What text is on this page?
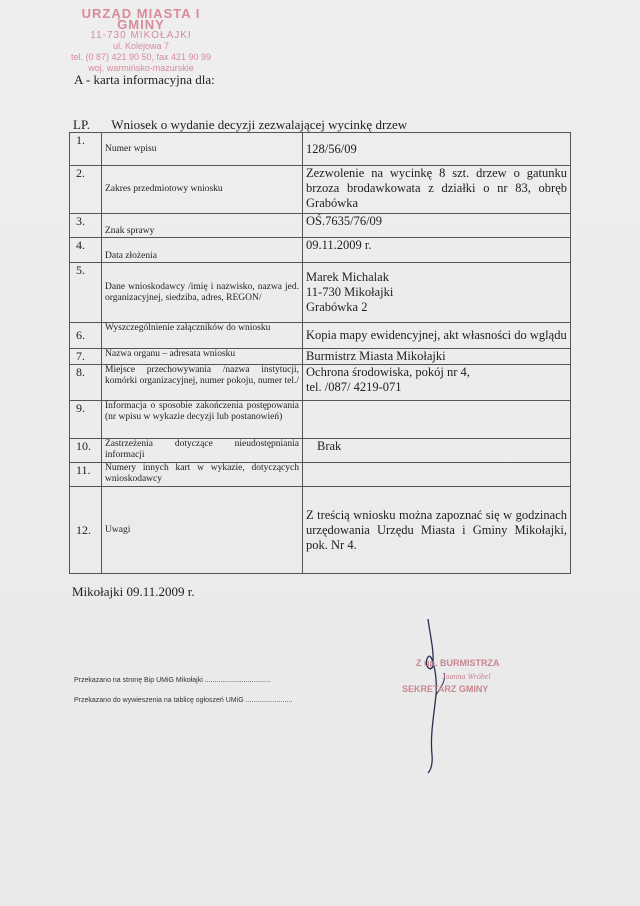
URZĄD MIASTA I GMINY
11-730 MIKOŁAJKI
ul. Kolejowa 7
tel. (0 87) 421 90 50, fax 421 90 99
woj. warmińsko-mazurskie
A - karta informacyjna dla:
LP. Wniosek o wydanie decyzji zezwalającej wycinkę drzew
1.	Numer wpisu	128/56/09
2.	Zakres przedmiotowy wniosku	Zezwolenie na wycinkę 8 szt. drzew o gatunku brzoza brodawkowata z działki o nr 83, obręb Grabówka
3.	Znak sprawy	OŚ.7635/76/09
4.	Data złożenia	09.11.2009 r.
5.	Dane wnioskodawcy /imię i nazwisko, nazwa jed. organizacyjnej, siedziba, adres, REGON/	Marek Michalak
11-730 Mikołajki
Grabówka 2

6.	Wyszczególnienie załączników do wniosku	Kopia mapy ewidencyjnej, akt własności do wglądu
7.	Nazwa organu – adresata wniosku	Burmistrz Miasta Mikołajki
8.	Miejsce przechowywania /nazwa instytucji, komórki organizacyjnej, numer pokoju, numer tel./	Ochrona środowiska, pokój nr 4,
tel. /087/ 4219-071

9.	Informacja o sposobie zakończenia postępowania (nr wpisu w wykazie decyzji lub postanowień)	
10.	Zastrzeżenia dotyczące nieudostępniania informacji	Brak
11.	Numery innych kart w wykazie, dotyczących wnioskodawcy	
12.	Uwagi	Z treścią wniosku można zapoznać się w godzinach urzędowania Urzędu Miasta i Gminy Mikołajki, pok. Nr 4.
Mikołajki 09.11.2009 r.
Przekazano na stronę Bip UMiG Mikołajki ..................................
Przekazano do wywieszenia na tablicę ogłoszeń UMiG ........................
Z up. BURMISTRZA
Joanna Wróbel
SEKRETARZ GMINY
